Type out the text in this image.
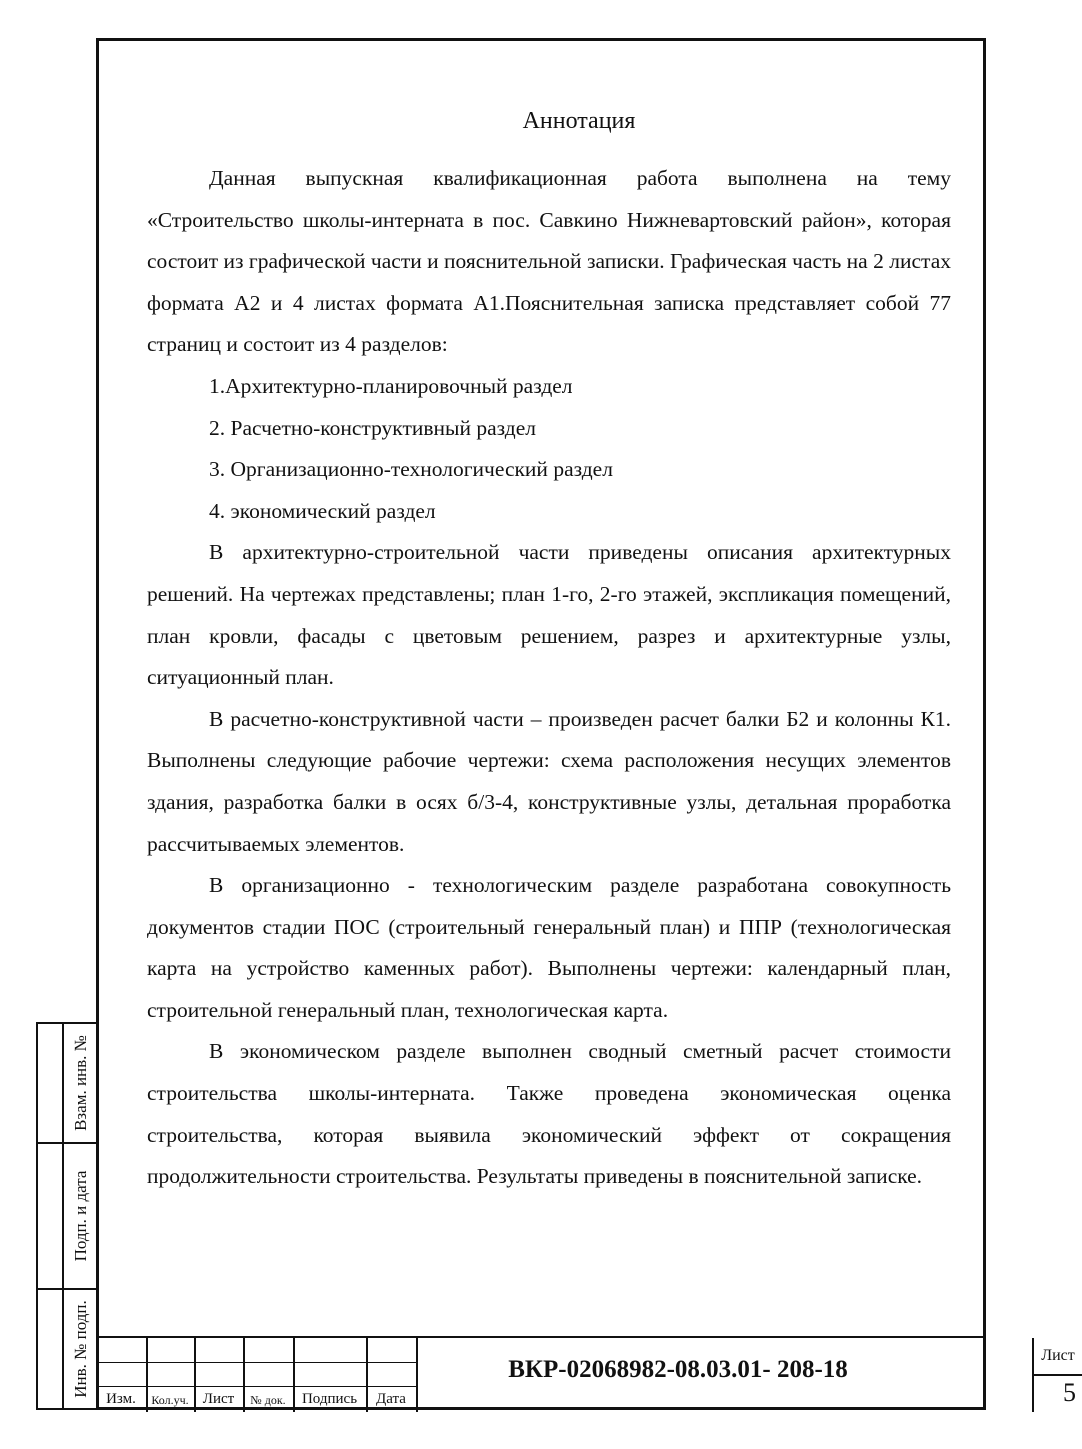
Аннотация

Данная выпускная квалификационная работа выполнена на тему «Строительство школы-интерната в пос. Савкино Нижневартовский район», которая состоит из графической части и пояснительной записки. Графическая часть на 2 листах формата А2 и 4 листах формата А1.Пояснительная записка представляет собой 77 страниц и состоит из 4 разделов:

1.Архитектурно-планировочный раздел

2. Расчетно-конструктивный раздел

3. Организационно-технологический раздел

4. экономический раздел

В архитектурно-строительной части приведены описания архитектурных решений. На чертежах представлены; план 1-го, 2-го этажей, экспликация помещений, план кровли, фасады с цветовым решением, разрез и архитектурные узлы, ситуационный план.

В расчетно-конструктивной части – произведен расчет балки Б2 и колонны К1. Выполнены следующие рабочие чертежи: схема расположения несущих элементов здания, разработка балки в осях б/3-4, конструктивные узлы, детальная проработка рассчитываемых элементов.

В организационно - технологическим разделе разработана совокупность документов стадии ПОС (строительный генеральный план) и ППР (технологическая карта на устройство каменных работ). Выполнены чертежи: календарный план, строительной генеральный план, технологическая карта.

В экономическом разделе выполнен сводный сметный расчет стоимости строительства школы-интерната. Также проведена экономическая оценка строительства, которая выявила экономический эффект от сокращения продолжительности строительства. Результаты приведены в пояснительной записке.

Взам. инв. №
Подп. и дата
Инв. № подп.
Изм.	Кол.уч. Лист	№ док.	Подпись	Дата
ВКР-02068982-08.03.01- 208-18
Лист
5
